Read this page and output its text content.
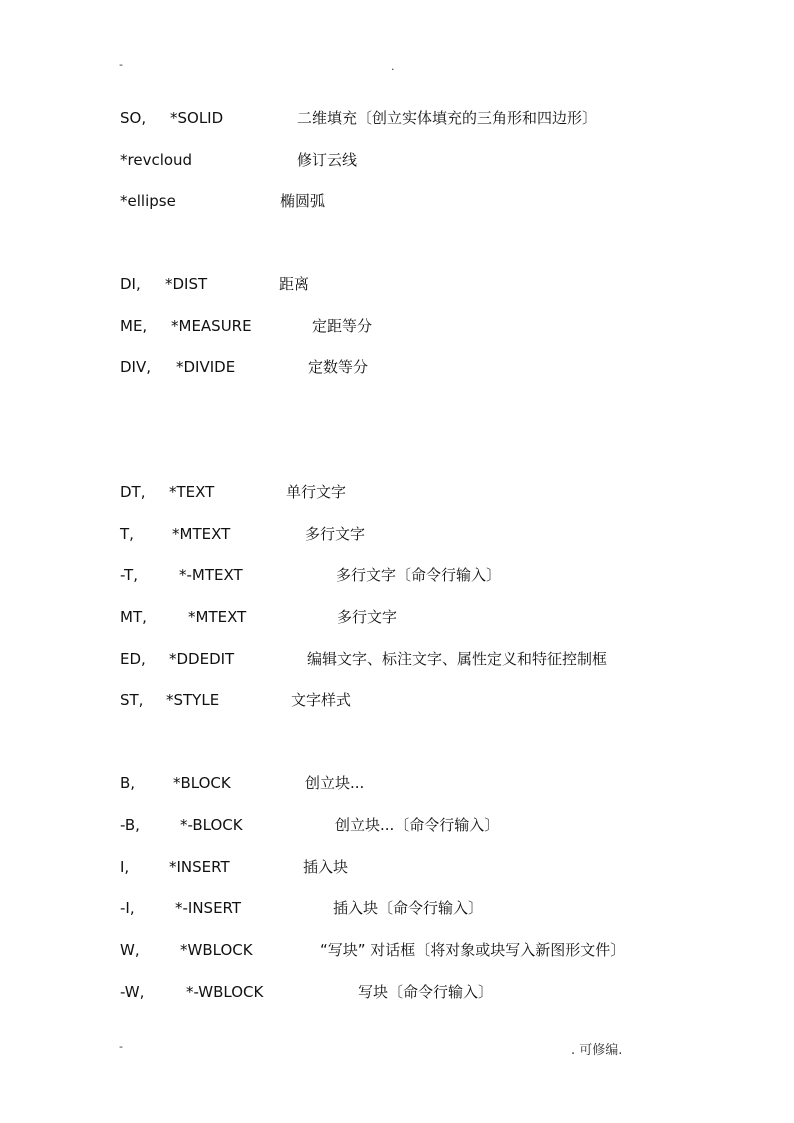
-	.
SO, *SOLID	二维填充〔创立实体填充的三角形和四边形〕
*revcloud	修订云线
*ellipse	椭圆弧
DI, *DIST	距离
ME, *MEASURE	定距等分
DIV, *DIVIDE	定数等分
DT, *TEXT	单行文字
T,	*MTEXT	多行文字
-T,	*-MTEXT	多行文字〔命令行输入〕
MT,	*MTEXT	多行文字
ED, *DDEDIT	编辑文字、标注文字、属性定义和特征控制框
ST, *STYLE	文字样式
B,	*BLOCK	创立块...
-B,	*-BLOCK	创立块...〔命令行输入〕
I,	*INSERT	插入块
-I,	*-INSERT	插入块〔命令行输入〕
W,	*WBLOCK	“写块” 对话框〔将对象或块写入新图形文件〕
-W,	*-WBLOCK	写块〔命令行输入〕
-	. 可修编.
